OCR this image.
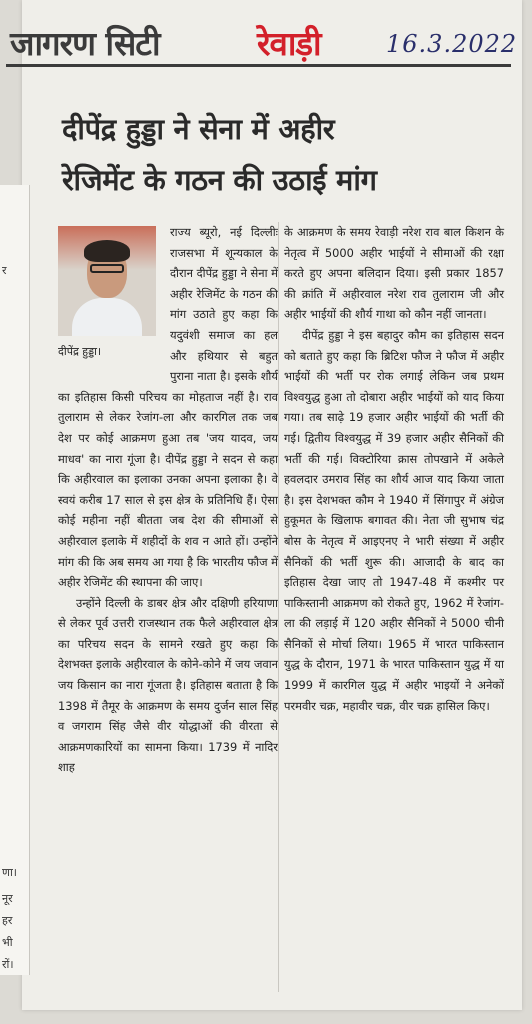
र
णा।
नूर
हर
भी
रों।
जागरण सिटी	रेवाड़ी	16.3.2022
दीपेंद्र हुड्डा ने सेना में अहीर
रेजिमेंट के गठन की उठाई मांग
दीपेंद्र हुड्डा।

राज्य ब्यूरो, नई दिल्लीः राजसभा में शून्यकाल के दौरान दीपेंद्र हुड्डा ने सेना में अहीर रेजिमेंट के गठन की मांग उठाते हुए कहा कि यदुवंशी समाज का हल और हथियार से बहुत पुराना नाता है। इसके शौर्य का इतिहास किसी परिचय का मोहताज नहीं है। राव तुलाराम से लेकर रेजांग-ला और कारगिल तक जब देश पर कोई आक्रमण हुआ तब 'जय यादव, जय माधव' का नारा गूंजा है। दीपेंद्र हुड्डा ने सदन से कहा कि अहीरवाल का इलाका उनका अपना इलाका है। वे स्वयं करीब 17 साल से इस क्षेत्र के प्रतिनिधि हैं। ऐसा कोई महीना नहीं बीतता जब देश की सीमाओं से अहीरवाल इलाके में शहीदों के शव न आते हों। उन्होंने मांग की कि अब समय आ गया है कि भारतीय फौज में अहीर रेजिमेंट की स्थापना की जाए।

उन्होंने दिल्ली के डाबर क्षेत्र और दक्षिणी हरियाणा से लेकर पूर्व उत्तरी राजस्थान तक फैले अहीरवाल क्षेत्र का परिचय सदन के सामने रखते हुए कहा कि देशभक्त इलाके अहीरवाल के कोने-कोने में जय जवान जय किसान का नारा गूंजता है। इतिहास बताता है कि 1398 में तैमूर के आक्रमण के समय दुर्जन साल सिंह व जगराम सिंह जैसे वीर योद्धाओं की वीरता से आक्रमणकारियों का सामना किया। 1739 में नादिर शाह

के आक्रमण के समय रेवाड़ी नरेश राव बाल किशन के नेतृत्व में 5000 अहीर भाईयों ने सीमाओं की रक्षा करते हुए अपना बलिदान दिया। इसी प्रकार 1857 की क्रांति में अहीरवाल नरेश राव तुलाराम जी और अहीर भाईयों की शौर्य गाथा को कौन नहीं जानता।

दीपेंद्र हुड्डा ने इस बहादुर कौम का इतिहास सदन को बताते हुए कहा कि ब्रिटिश फौज ने फौज में अहीर भाईयों की भर्ती पर रोक लगाई लेकिन जब प्रथम विश्वयुद्ध हुआ तो दोबारा अहीर भाईयों को याद किया गया। तब साढ़े 19 हजार अहीर भाईयों की भर्ती की गई। द्वितीय विश्वयुद्ध में 39 हजार अहीर सैनिकों की भर्ती की गई। विक्टोरिया क्रास तोपखाने में अकेले हवलदार उमराव सिंह का शौर्य आज याद किया जाता है। इस देशभक्त कौम ने 1940 में सिंगापुर में अंग्रेज हुकूमत के खिलाफ बगावत की। नेता जी सुभाष चंद्र बोस के नेतृत्व में आइएनए ने भारी संख्या में अहीर सैनिकों की भर्ती शुरू की। आजादी के बाद का इतिहास देखा जाए तो 1947-48 में कश्मीर पर पाकिस्तानी आक्रमण को रोकते हुए, 1962 में रेजांग-ला की लड़ाई में 120 अहीर सैनिकों ने 5000 चीनी सैनिकों से मोर्चा लिया। 1965 में भारत पाकिस्तान युद्ध के दौरान, 1971 के भारत पाकिस्तान युद्ध में या 1999 में कारगिल युद्ध में अहीर भाइयों ने अनेकों परमवीर चक्र, महावीर चक्र, वीर चक्र हासिल किए।
